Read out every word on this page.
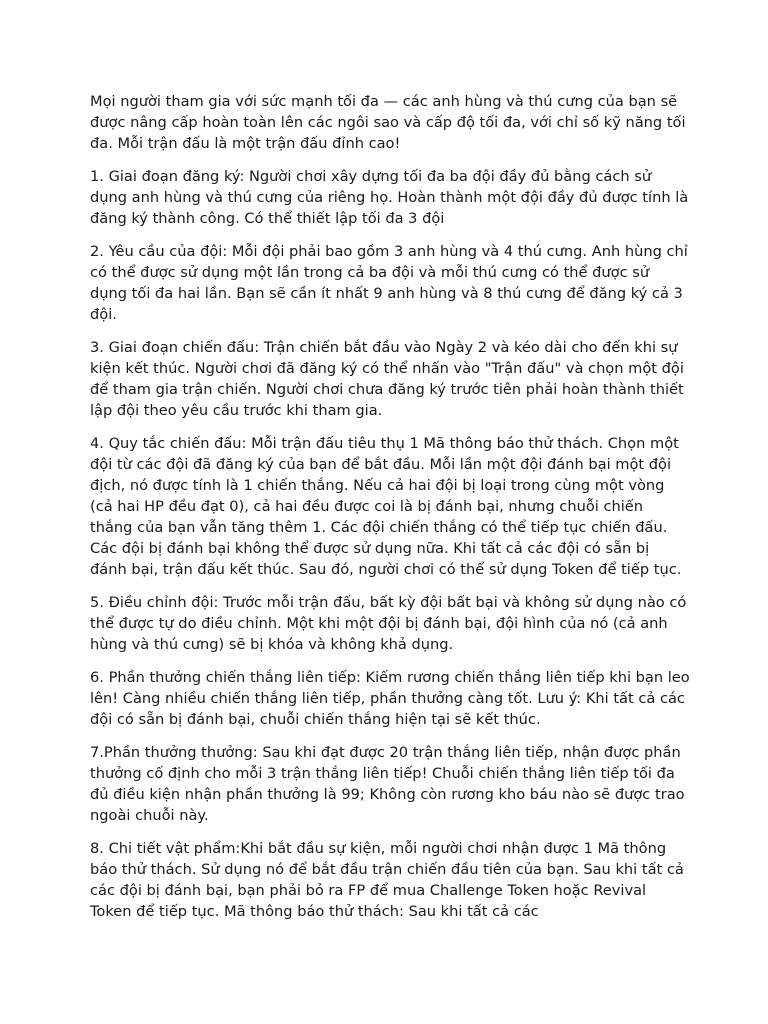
Mọi người tham gia với sức mạnh tối đa — các anh hùng và thú cưng của bạn sẽ được nâng cấp hoàn toàn lên các ngôi sao và cấp độ tối đa, với chỉ số kỹ năng tối đa. Mỗi trận đấu là một trận đấu đỉnh cao!

1. Giai đoạn đăng ký: Người chơi xây dựng tối đa ba đội đầy đủ bằng cách sử dụng anh hùng và thú cưng của riêng họ. Hoàn thành một đội đầy đủ được tính là đăng ký thành công. Có thể thiết lập tối đa 3 đội

2. Yêu cầu của đội: Mỗi đội phải bao gồm 3 anh hùng và 4 thú cưng. Anh hùng chỉ có thể được sử dụng một lần trong cả ba đội và mỗi thú cưng có thể được sử dụng tối đa hai lần. Bạn sẽ cần ít nhất 9 anh hùng và 8 thú cưng để đăng ký cả 3 đội.

3. Giai đoạn chiến đấu: Trận chiến bắt đầu vào Ngày 2 và kéo dài cho đến khi sự kiện kết thúc. Người chơi đã đăng ký có thể nhấn vào "Trận đấu" và chọn một đội để tham gia trận chiến. Người chơi chưa đăng ký trước tiên phải hoàn thành thiết lập đội theo yêu cầu trước khi tham gia.

4. Quy tắc chiến đấu: Mỗi trận đấu tiêu thụ 1 Mã thông báo thử thách. Chọn một đội từ các đội đã đăng ký của bạn để bắt đầu. Mỗi lần một đội đánh bại một đội địch, nó được tính là 1 chiến thắng. Nếu cả hai đội bị loại trong cùng một vòng (cả hai HP đều đạt 0), cả hai đều được coi là bị đánh bại, nhưng chuỗi chiến thắng của bạn vẫn tăng thêm 1. Các đội chiến thắng có thể tiếp tục chiến đấu. Các đội bị đánh bại không thể được sử dụng nữa. Khi tất cả các đội có sẵn bị đánh bại, trận đấu kết thúc. Sau đó, người chơi có thể sử dụng Token để tiếp tục.

5. Điều chỉnh đội: Trước mỗi trận đấu, bất kỳ đội bất bại và không sử dụng nào có thể được tự do điều chỉnh. Một khi một đội bị đánh bại, đội hình của nó (cả anh hùng và thú cưng) sẽ bị khóa và không khả dụng.

6. Phần thưởng chiến thắng liên tiếp: Kiếm rương chiến thắng liên tiếp khi bạn leo lên! Càng nhiều chiến thắng liên tiếp, phần thưởng càng tốt. Lưu ý: Khi tất cả các đội có sẵn bị đánh bại, chuỗi chiến thắng hiện tại sẽ kết thúc.

7.Phần thưởng thưởng: Sau khi đạt được 20 trận thắng liên tiếp, nhận được phần thưởng cố định cho mỗi 3 trận thắng liên tiếp! Chuỗi chiến thắng liên tiếp tối đa đủ điều kiện nhận phần thưởng là 99; Không còn rương kho báu nào sẽ được trao ngoài chuỗi này.

8. Chi tiết vật phẩm:Khi bắt đầu sự kiện, mỗi người chơi nhận được 1 Mã thông báo thử thách. Sử dụng nó để bắt đầu trận chiến đầu tiên của bạn. Sau khi tất cả các đội bị đánh bại, bạn phải bỏ ra FP để mua Challenge Token hoặc Revival Token để tiếp tục. Mã thông báo thử thách: Sau khi tất cả các
